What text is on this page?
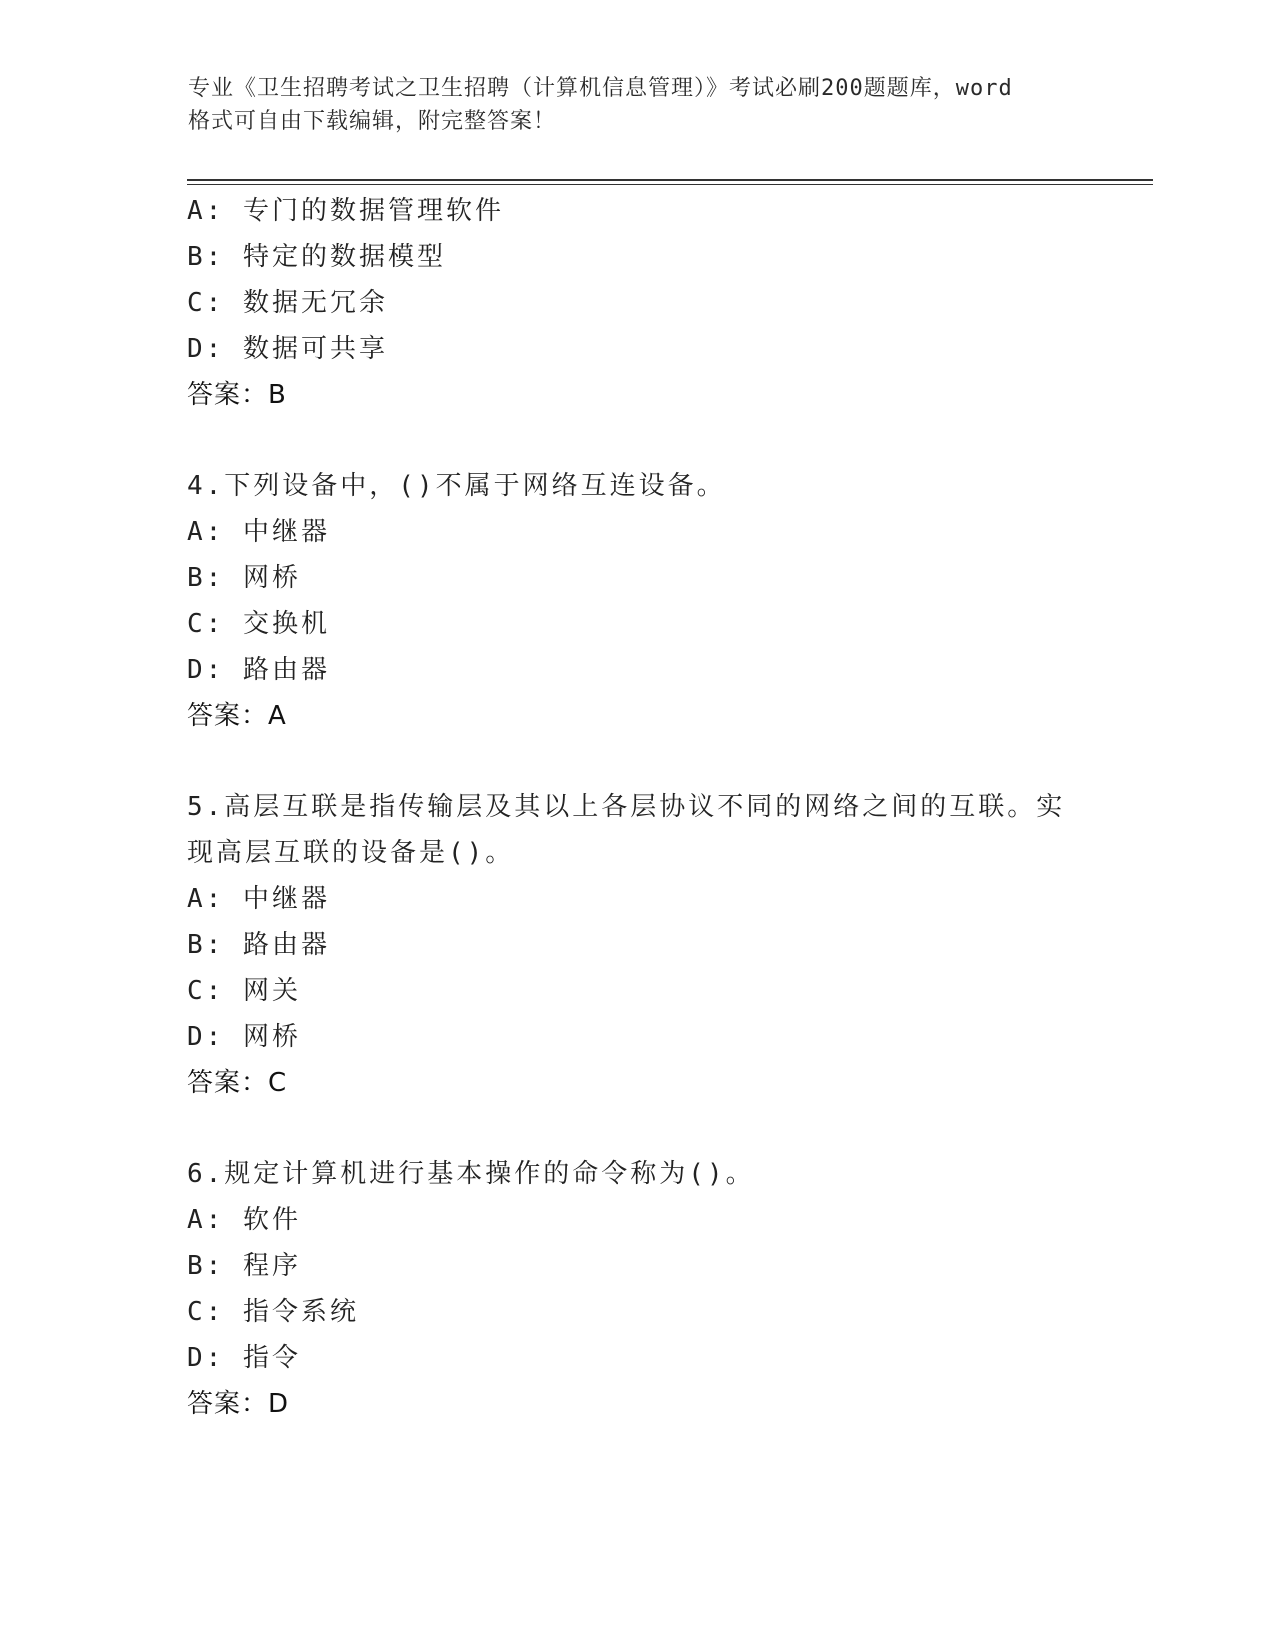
专业《卫生招聘考试之卫生招聘（计算机信息管理）》考试必刷200题题库，word
格式可自由下载编辑，附完整答案！
A: 专门的数据管理软件
B: 特定的数据模型
C: 数据无冗余
D: 数据可共享
答案：B
4.下列设备中，()不属于网络互连设备。
A: 中继器
B: 网桥
C: 交换机
D: 路由器
答案：A
5.高层互联是指传输层及其以上各层协议不同的网络之间的互联。实
现高层互联的设备是()。
A: 中继器
B: 路由器
C: 网关
D: 网桥
答案：C
6.规定计算机进行基本操作的命令称为()。
A: 软件
B: 程序
C: 指令系统
D: 指令
答案：D
